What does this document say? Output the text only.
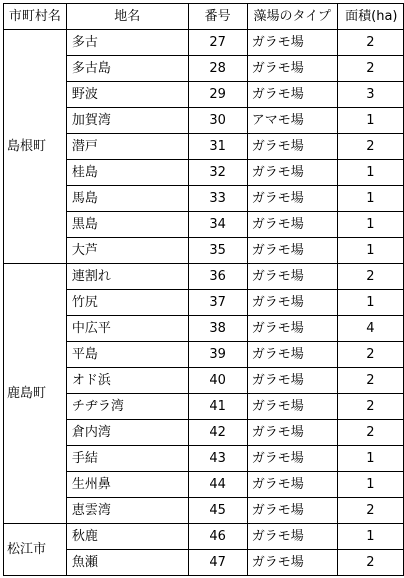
市町村名	地名	番号	藻場のタイプ	面積(ha)
島根町	多古	27	ガラモ場	2
	多古島	28	ガラモ場	2
	野波	29	ガラモ場	3
	加賀湾	30	アマモ場	1
	潜戸	31	ガラモ場	2
	桂島	32	ガラモ場	1
	馬島	33	ガラモ場	1
	黒島	34	ガラモ場	1
	大芦	35	ガラモ場	1
鹿島町	連割れ	36	ガラモ場	2
	竹尻	37	ガラモ場	1
	中広平	38	ガラモ場	4
	平島	39	ガラモ場	2
	オド浜	40	ガラモ場	2
	チヂラ湾	41	ガラモ場	2
	倉内湾	42	ガラモ場	2
	手結	43	ガラモ場	1
	生州鼻	44	ガラモ場	1
	恵雲湾	45	ガラモ場	2
松江市	秋鹿	46	ガラモ場	1
	魚瀬	47	ガラモ場	2
